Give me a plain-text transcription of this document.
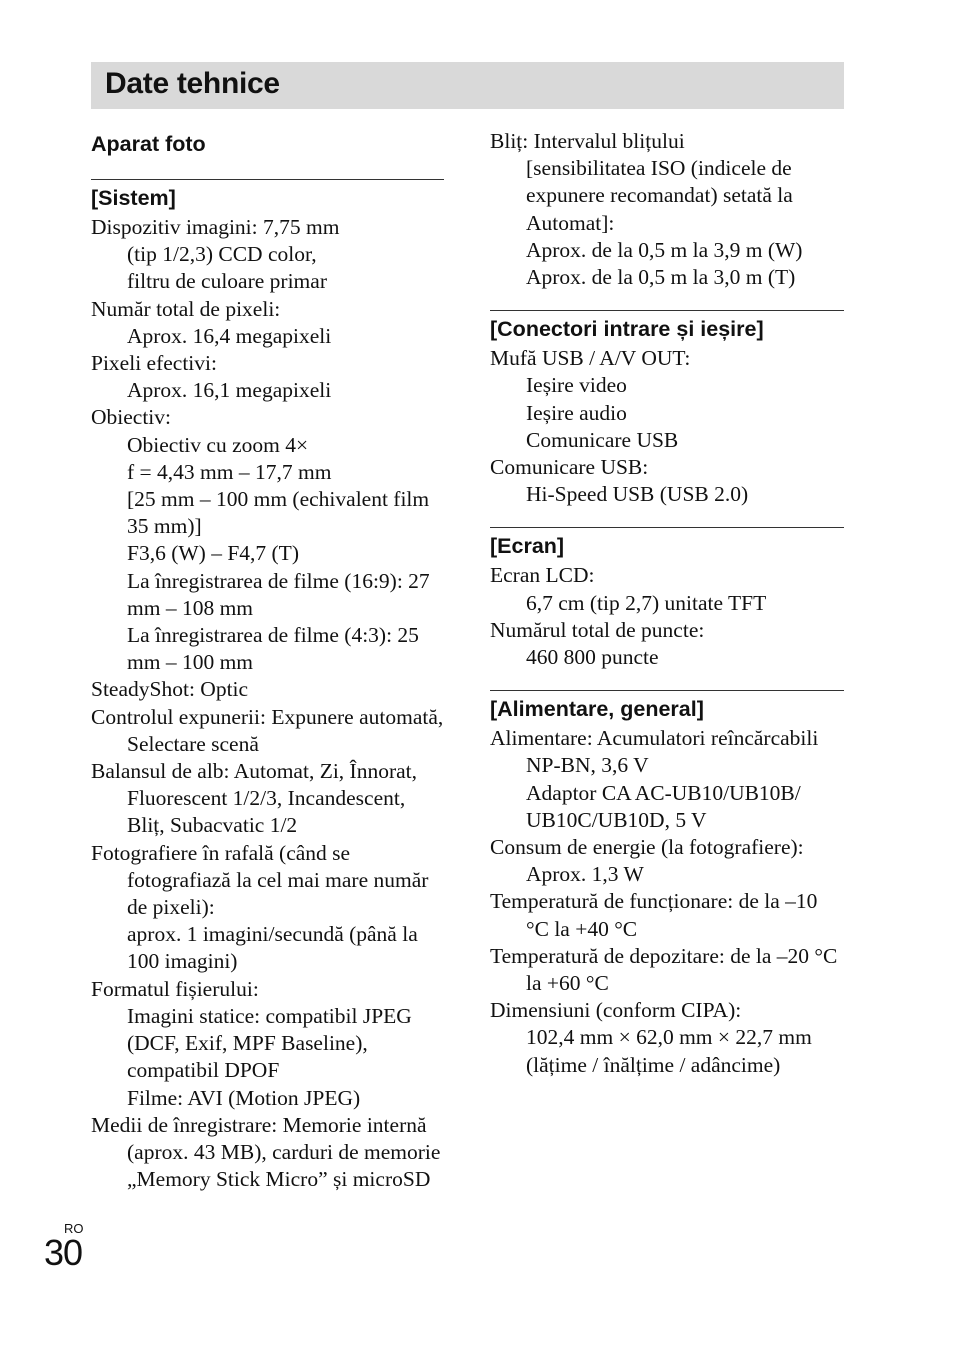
Date tehnice
Aparat foto
[Sistem]
Dispozitiv imagini: 7,75 mm
(tip 1/2,3) CCD color,
filtru de culoare primar
Număr total de pixeli:
Aprox. 16,4 megapixeli
Pixeli efectivi:
Aprox. 16,1 megapixeli
Obiectiv:
Obiectiv cu zoom 4×
f = 4,43 mm – 17,7 mm
[25 mm – 100 mm (echivalent film 35 mm)]
F3,6 (W) – F4,7 (T)
La înregistrarea de filme (16:9): 27 mm – 108 mm
La înregistrarea de filme (4:3): 25 mm – 100 mm
SteadyShot: Optic
Controlul expunerii: Expunere automată, Selectare scenă
Balansul de alb: Automat, Zi, Înnorat, Fluorescent 1/2/3, Incandescent, Bliț, Subacvatic 1/2
Fotografiere în rafală (când se fotografiază la cel mai mare număr de pixeli):
aprox. 1 imagini/secundă (până la 100 imagini)
Formatul fișierului:
Imagini statice: compatibil JPEG (DCF, Exif, MPF Baseline), compatibil DPOF
Filme: AVI (Motion JPEG)
Medii de înregistrare: Memorie internă (aprox. 43 MB), carduri de memorie „Memory Stick Micro” și microSD
Bliț: Intervalul blițului
[sensibilitatea ISO (indicele de expunere recomandat) setată la Automat]:
Aprox. de la 0,5 m la 3,9 m (W)
Aprox. de la 0,5 m la 3,0 m (T)
[Conectori intrare și ieșire]
Mufă USB / A/V OUT:
Ieșire video
Ieșire audio
Comunicare USB
Comunicare USB:
Hi-Speed USB (USB 2.0)
[Ecran]
Ecran LCD:
6,7 cm (tip 2,7) unitate TFT
Numărul total de puncte:
460 800 puncte
[Alimentare, general]
Alimentare: Acumulatori reîncărcabili
NP-BN, 3,6 V
Adaptor CA AC-UB10/UB10B/ UB10C/UB10D, 5 V
Consum de energie (la fotografiere):
Aprox. 1,3 W
Temperatură de funcționare: de la –10 °C la +40 °C
Temperatură de depozitare: de la –20 °C la +60 °C
Dimensiuni (conform CIPA):
102,4 mm × 62,0 mm × 22,7 mm
(lățime / înălțime / adâncime)
RO
30
